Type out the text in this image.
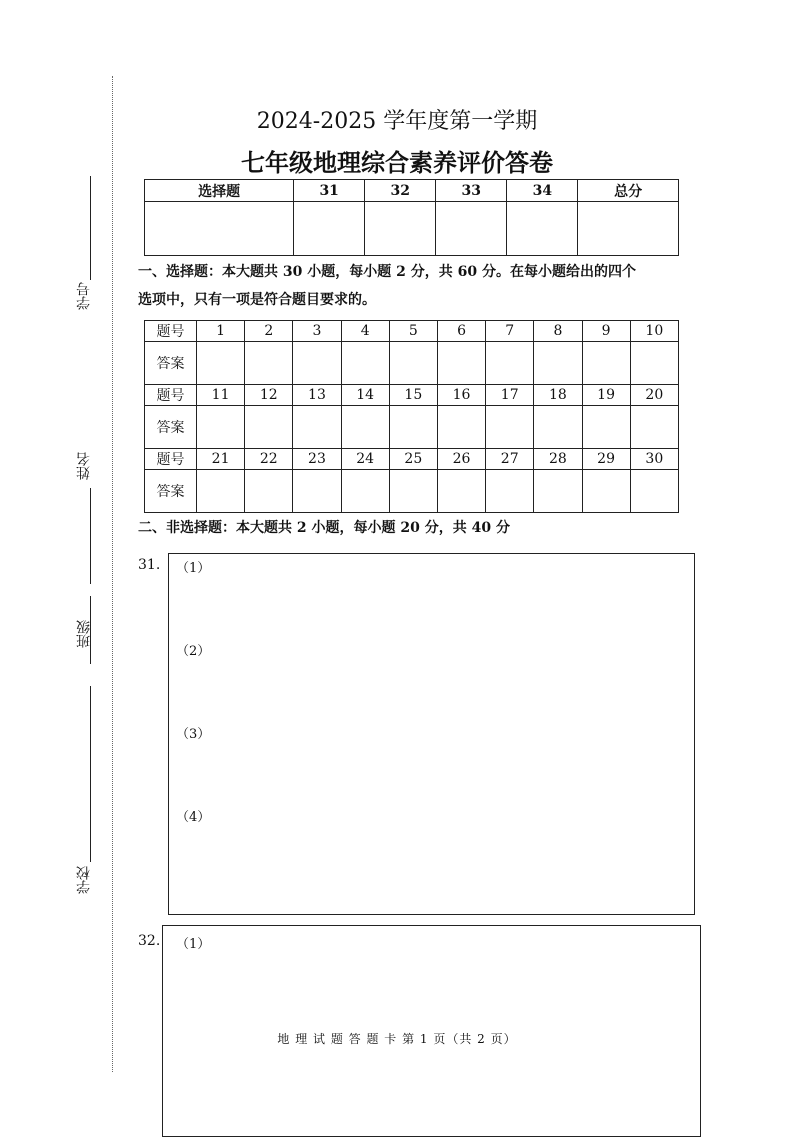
学号
姓名
班级
学校
2024-2025 学年度第一学期
七年级地理综合素养评价答卷
选择题	31	32	33	34	总分

一、选择题：本大题共 30 小题，每小题 2 分，共 60 分。在每小题给出的四个
选项中，只有一项是符合题目要求的。
题号	1	2	3	4	5	6	7	8	9	10
答案										
题号	11	12	13	14	15	16	17	18	19	20
答案										
题号	21	22	23	24	25	26	27	28	29	30
答案										
二、非选择题：本大题共 2 小题，每小题 20 分，共 40 分
31. （1）
（2）
（3）
（4）
32. （1）
地 理 试 题 答 题 卡 第 1 页（共 2 页）
